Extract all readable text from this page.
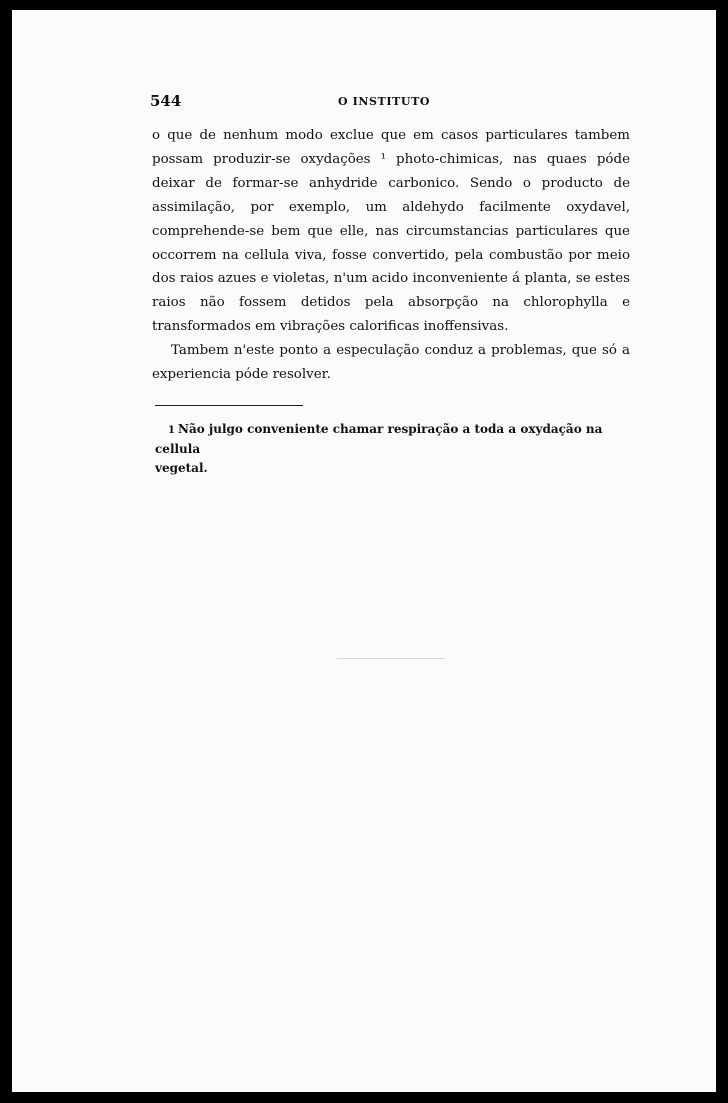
544	O INSTITUTO

o que de nenhum modo exclue que em casos particulares tambem possam produzir-se oxydações ¹ photo-chimicas, nas quaes póde deixar de formar-se anhydride carbonico. Sendo o producto de assimilação, por exemplo, um aldehydo facilmente oxydavel, comprehende-se bem que elle, nas circumstancias particulares que occorrem na cellula viva, fosse convertido, pela combustão por meio dos raios azues e violetas, n'um acido inconveniente á planta, se estes raios não fossem detidos pela absorpção na chlorophylla e transformados em vibrações calorificas inoffensivas.

Tambem n'este ponto a especulação conduz a problemas, que só a experiencia póde resolver.

1 Não julgo conveniente chamar respiração a toda a oxydação na cellula
vegetal.
